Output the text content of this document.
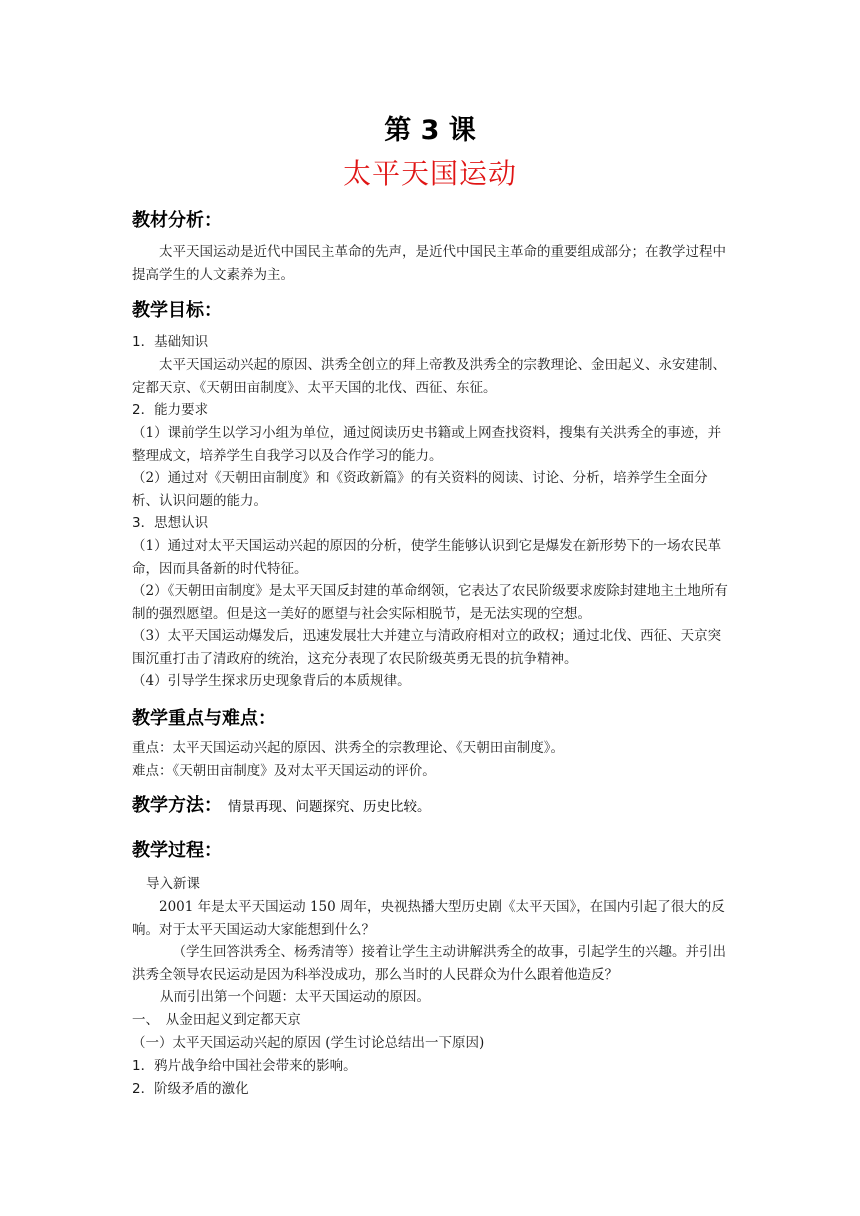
第 3 课
太平天国运动
教材分析：
太平天国运动是近代中国民主革命的先声，是近代中国民主革命的重要组成部分；在教学过程中提高学生的人文素养为主。
教学目标：
1．基础知识
太平天国运动兴起的原因、洪秀全创立的拜上帝教及洪秀全的宗教理论、金田起义、永安建制、定都天京、《天朝田亩制度》、太平天国的北伐、西征、东征。
2．能力要求
（1）课前学生以学习小组为单位，通过阅读历史书籍或上网查找资料，搜集有关洪秀全的事迹，并整理成文，培养学生自我学习以及合作学习的能力。
（2）通过对《天朝田亩制度》和《资政新篇》的有关资料的阅读、讨论、分析，培养学生全面分析、认识问题的能力。
3．思想认识
（1）通过对太平天国运动兴起的原因的分析，使学生能够认识到它是爆发在新形势下的一场农民革命，因而具备新的时代特征。
（2）《天朝田亩制度》是太平天国反封建的革命纲领，它表达了农民阶级要求废除封建地主土地所有制的强烈愿望。但是这一美好的愿望与社会实际相脱节，是无法实现的空想。
（3）太平天国运动爆发后，迅速发展壮大并建立与清政府相对立的政权；通过北伐、西征、天京突围沉重打击了清政府的统治，这充分表现了农民阶级英勇无畏的抗争精神。
（4）引导学生探求历史现象背后的本质规律。
教学重点与难点：
重点：太平天国运动兴起的原因、洪秀全的宗教理论、《天朝田亩制度》。
难点：《天朝田亩制度》及对太平天国运动的评价。
教学方法： 情景再现、问题探究、历史比较。
教学过程：
导入新课
2001 年是太平天国运动 150 周年，央视热播大型历史剧《太平天国》，在国内引起了很大的反响。对于太平天国运动大家能想到什么？
（学生回答洪秀全、杨秀清等）接着让学生主动讲解洪秀全的故事，引起学生的兴趣。并引出洪秀全领导农民运动是因为科举没成功，那么当时的人民群众为什么跟着他造反？
从而引出第一个问题：太平天国运动的原因。
一、　从金田起义到定都天京
（一）太平天国运动兴起的原因 (学生讨论总结出一下原因)
1．鸦片战争给中国社会带来的影响。
2．阶级矛盾的激化
